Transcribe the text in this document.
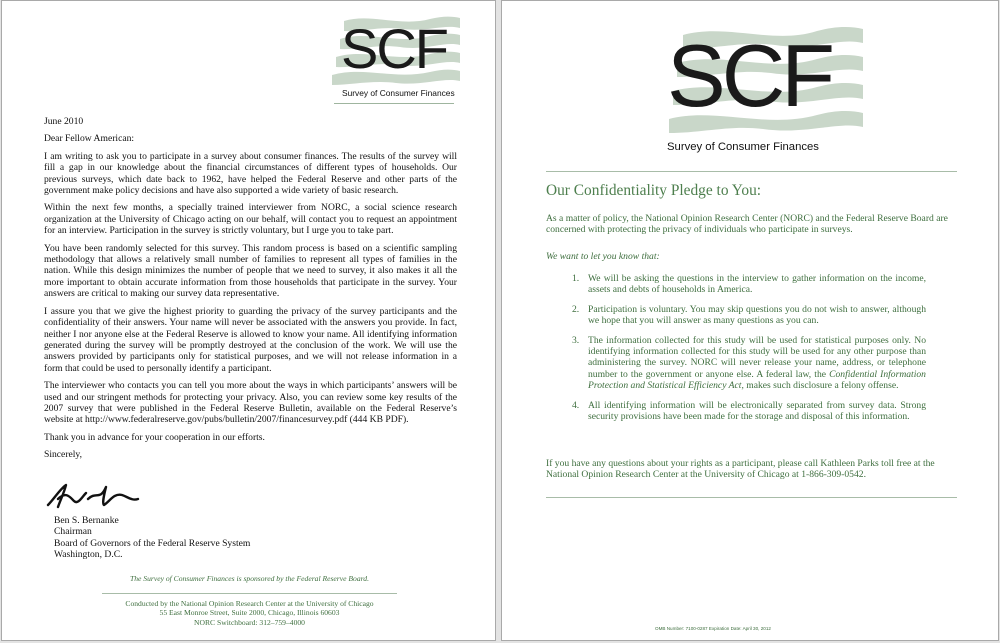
SCF
Survey of Consumer Finances

June 2010

Dear Fellow American:

I am writing to ask you to participate in a survey about consumer finances. The results of the survey will fill a gap in our knowledge about the financial circumstances of different types of households. Our previous surveys, which date back to 1962, have helped the Federal Reserve and other parts of the government make policy decisions and have also supported a wide variety of basic research.

Within the next few months, a specially trained interviewer from NORC, a social science research organization at the University of Chicago acting on our behalf, will contact you to request an appointment for an interview. Participation in the survey is strictly voluntary, but I urge you to take part.

You have been randomly selected for this survey. This random process is based on a scientific sampling methodology that allows a relatively small number of families to represent all types of families in the nation. While this design minimizes the number of people that we need to survey, it also makes it all the more important to obtain accurate information from those households that participate in the survey. Your answers are critical to making our survey data representative.

I assure you that we give the highest priority to guarding the privacy of the survey participants and the confidentiality of their answers. Your name will never be associated with the answers you provide. In fact, neither I nor anyone else at the Federal Reserve is allowed to know your name. All identifying information generated during the survey will be promptly destroyed at the conclusion of the work. We will use the answers provided by participants only for statistical purposes, and we will not release information in a form that could be used to personally identify a participant.

The interviewer who contacts you can tell you more about the ways in which participants’ answers will be used and our stringent methods for protecting your privacy. Also, you can review some key results of the 2007 survey that were published in the Federal Reserve Bulletin, available on the Federal Reserve’s website at http://www.federalreserve.gov/pubs/bulletin/2007/financesurvey.pdf (444 KB PDF).

Thank you in advance for your cooperation in our efforts.

Sincerely,

Ben S. Bernanke
Chairman
Board of Governors of the Federal Reserve System
Washington, D.C.
The Survey of Consumer Finances is sponsored by the Federal Reserve Board.
Conducted by the National Opinion Research Center at the University of Chicago
55 East Monroe Street, Suite 2000, Chicago, Illinois 60603
NORC Switchboard: 312–759–4000
SCF
Survey of Consumer Finances
Our Confidentiality Pledge to You:
As a matter of policy, the National Opinion Research Center (NORC) and the Federal Reserve Board are concerned with protecting the privacy of individuals who participate in surveys.
We want to let you know that:
1. We will be asking the questions in the interview to gather information on the income, assets and debts of households in America.
2. Participation is voluntary. You may skip questions you do not wish to answer, although we hope that you will answer as many questions as you can.
3. The information collected for this study will be used for statistical purposes only. No identifying information collected for this study will be used for any other purpose than administering the survey. NORC will never release your name, address, or telephone number to the government or anyone else. A federal law, the Confidential Information Protection and Statistical Efficiency Act, makes such disclosure a felony offense.
4. All identifying information will be electronically separated from survey data. Strong security provisions have been made for the storage and disposal of this information.
If you have any questions about your rights as a participant, please call Kathleen Parks toll free at the National Opinion Research Center at the University of Chicago at 1-866-309-0542.
OMB Number: 7100-0287 Expiration Date: April 30, 2012
